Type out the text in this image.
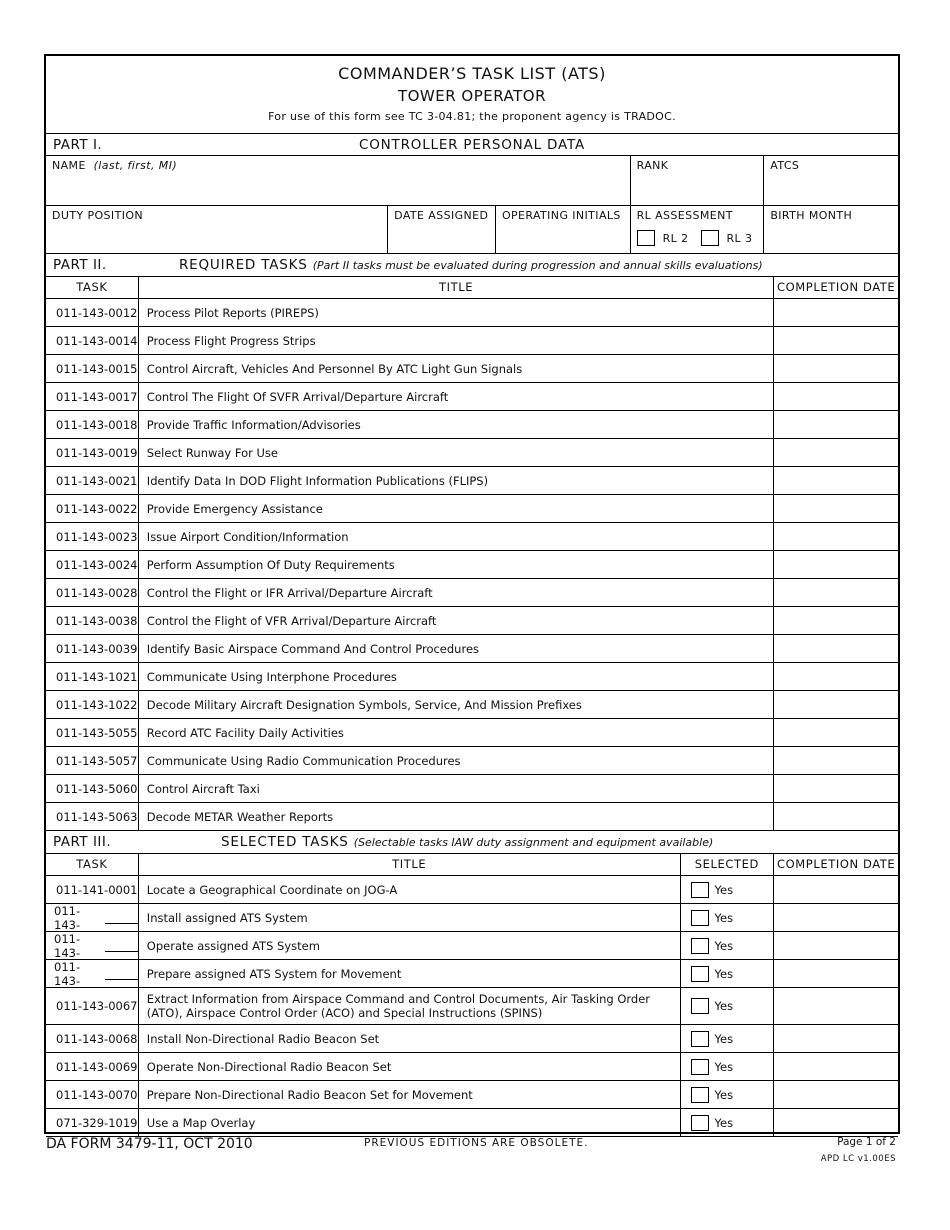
COMMANDER’S TASK LIST (ATS)
TOWER OPERATOR
For use of this form see TC 3-04.81; the proponent agency is TRADOC.
PART I.	CONTROLLER PERSONAL DATA
NAME (last, first, MI)	RANK	ATCS
DUTY POSITION	DATE ASSIGNED	OPERATING INITIALS	RL ASSESSMENT
RL 2	RL 3
BIRTH MONTH
PART II.	REQUIRED TASKS (Part II tasks must be evaluated during progression and annual skills evaluations)
TASK	TITLE	COMPLETION DATE
011-143-0012 Process Pilot Reports (PIREPS)
011-143-0014 Process Flight Progress Strips
011-143-0015 Control Aircraft, Vehicles And Personnel By ATC Light Gun Signals
011-143-0017 Control The Flight Of SVFR Arrival/Departure Aircraft
011-143-0018 Provide Traffic Information/Advisories
011-143-0019 Select Runway For Use
011-143-0021 Identify Data In DOD Flight Information Publications (FLIPS)
011-143-0022 Provide Emergency Assistance
011-143-0023 Issue Airport Condition/Information
011-143-0024 Perform Assumption Of Duty Requirements
011-143-0028 Control the Flight or IFR Arrival/Departure Aircraft
011-143-0038 Control the Flight of VFR Arrival/Departure Aircraft
011-143-0039 Identify Basic Airspace Command And Control Procedures
011-143-1021 Communicate Using Interphone Procedures
011-143-1022 Decode Military Aircraft Designation Symbols, Service, And Mission Prefixes
011-143-5055 Record ATC Facility Daily Activities
011-143-5057 Communicate Using Radio Communication Procedures
011-143-5060 Control Aircraft Taxi
011-143-5063 Decode METAR Weather Reports
PART III.	SELECTED TASKS (Selectable tasks IAW duty assignment and equipment available)
TASK	TITLE	SELECTED	COMPLETION DATE
011-141-0001 Locate a Geographical Coordinate on JOG-A	Yes
011-143-	Install assigned ATS System	Yes
011-143-	Operate assigned ATS System	Yes
011-143-	Prepare assigned ATS System for Movement	Yes
011-143-0067 Extract Information from Airspace Command and Control Documents, Air Tasking Order (ATO), Airspace Control Order (ACO) and Special Instructions (SPINS)	Yes
011-143-0068 Install Non-Directional Radio Beacon Set	Yes
011-143-0069 Operate Non-Directional Radio Beacon Set	Yes
011-143-0070 Prepare Non-Directional Radio Beacon Set for Movement	Yes
071-329-1019 Use a Map Overlay	Yes
DA FORM 3479-11, OCT 2010	PREVIOUS EDITIONS ARE OBSOLETE.	Page 1 of 2
APD LC v1.00ES
